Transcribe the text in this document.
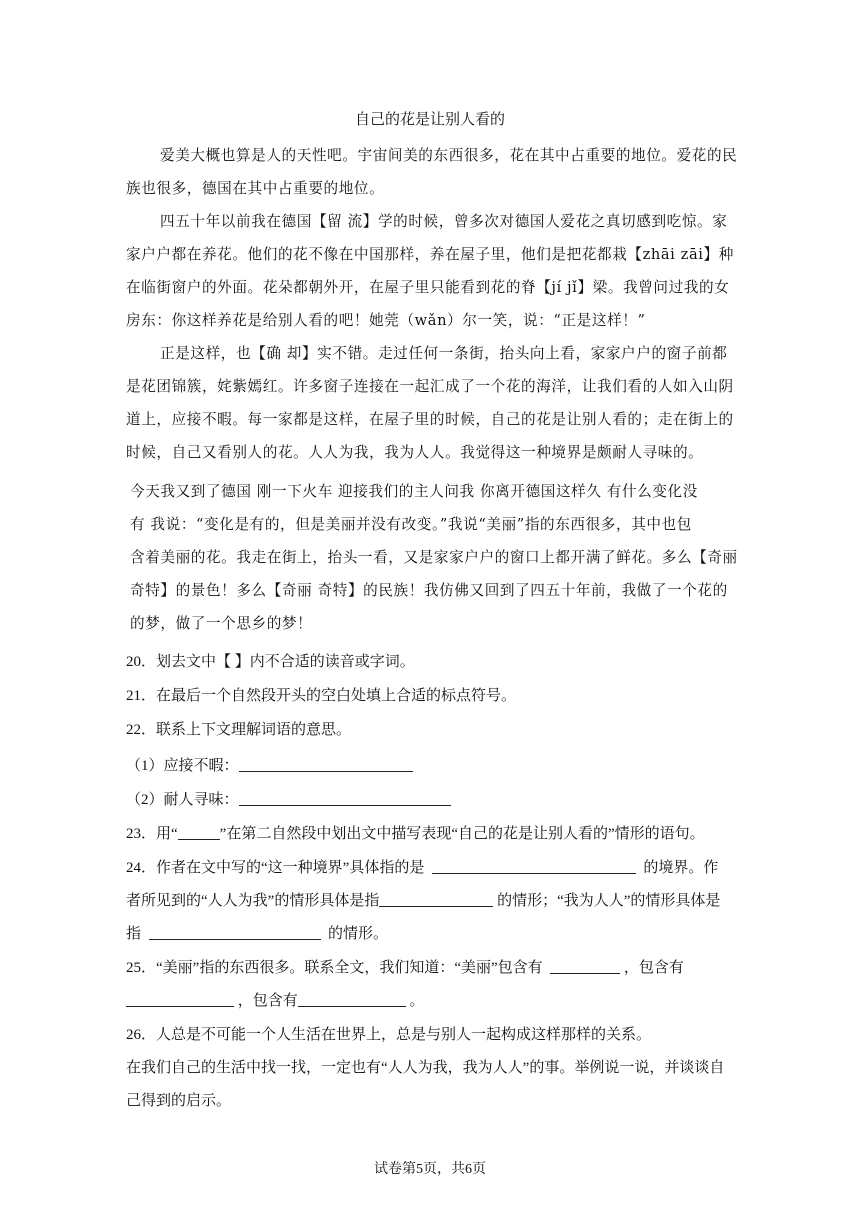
自己的花是让别人看的
爱美大概也算是人的天性吧。宇宙间美的东西很多，花在其中占重要的地位。爱花的民
族也很多，德国在其中占重要的地位。
四五十年以前我在德国【留 流】学的时候，曾多次对德国人爱花之真切感到吃惊。家
家户户都在养花。他们的花不像在中国那样，养在屋子里，他们是把花都栽【zhāi zāi】种
在临街窗户的外面。花朵都朝外开，在屋子里只能看到花的脊【jí jǐ】梁。我曾问过我的女
房东：你这样养花是给别人看的吧！她莞（wǎn）尔一笑，说：“正是这样！”
正是这样，也【确 却】实不错。走过任何一条街，抬头向上看，家家户户的窗子前都
是花团锦簇，姹紫嫣红。许多窗子连接在一起汇成了一个花的海洋，让我们看的人如入山阴
道上，应接不暇。每一家都是这样，在屋子里的时候，自己的花是让别人看的；走在街上的
时候，自己又看别人的花。人人为我，我为人人。我觉得这一种境界是颇耐人寻味的。
今天我又到了德国 刚一下火车 迎接我们的主人问我 你离开德国这样久 有什么变化没
有 我说：“变化是有的，但是美丽并没有改变。”我说“美丽”指的东西很多，其中也包
含着美丽的花。我走在街上，抬头一看，又是家家户户的窗口上都开满了鲜花。多么【奇丽
奇特】的景色！多么【奇丽 奇特】的民族！我仿佛又回到了四五十年前，我做了一个花的
的梦，做了一个思乡的梦！
20．划去文中【 】内不合适的读音或字词。
21．在最后一个自然段开头的空白处填上合适的标点符号。
22．联系上下文理解词语的意思。
（1）应接不暇：
（2）耐人寻味：
23．用“	”在第二自然段中划出文中描写表现“自己的花是让别人看的”情形的语句。
24．作者在文中写的“这一种境界”具体指的是	的境界。作
者所见到的“人人为我”的情形具体是指	的情形；“我为人人”的情形具体是
指	的情形。
25．“美丽”指的东西很多。联系全文，我们知道：“美丽”包含有	，包含有
，包含有	。
26．人总是不可能一个人生活在世界上，总是与别人一起构成这样那样的关系。
在我们自己的生活中找一找，一定也有“人人为我，我为人人”的事。举例说一说，并谈谈自
己得到的启示。
试卷第5页，共6页
